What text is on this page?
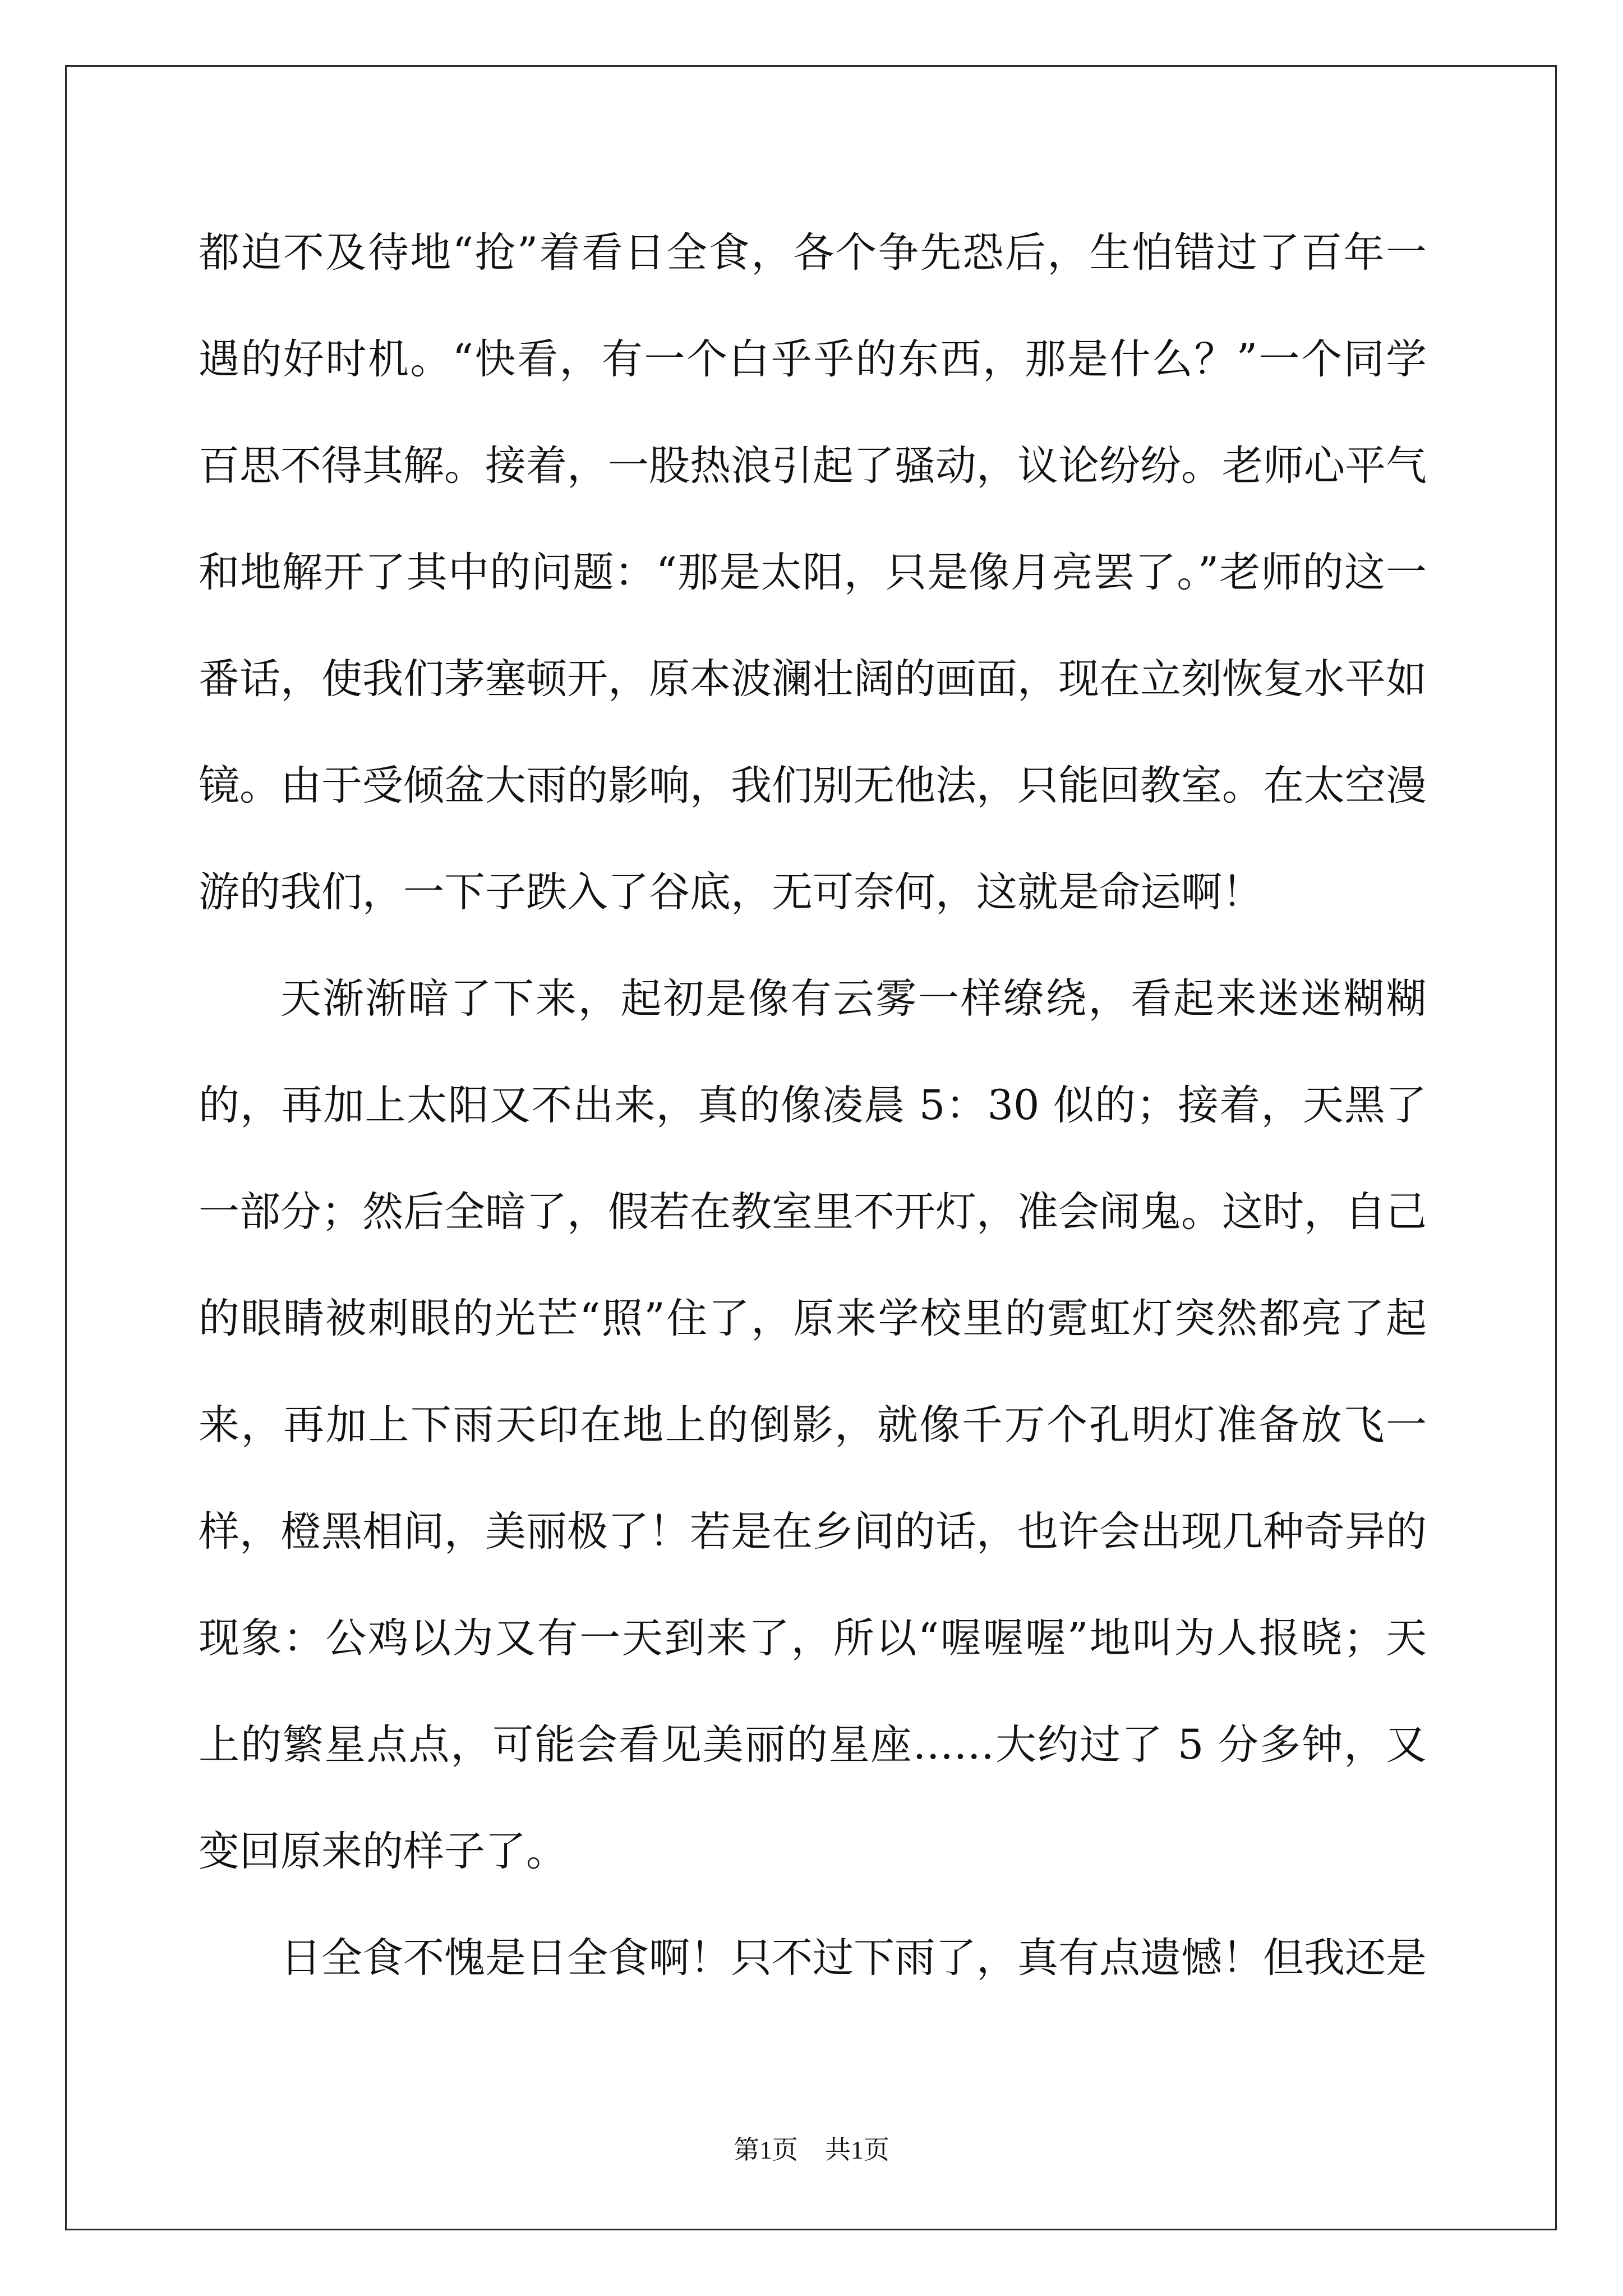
都迫不及待地“抢”着看日全食，各个争先恐后，生怕错过了百年一遇的好时机。“快看，有一个白乎乎的东西，那是什么？”一个同学百思不得其解。接着，一股热浪引起了骚动，议论纷纷。老师心平气和地解开了其中的问题：“那是太阳，只是像月亮罢了。”老师的这一番话，使我们茅塞顿开，原本波澜壮阔的画面，现在立刻恢复水平如镜。由于受倾盆大雨的影响，我们别无他法，只能回教室。在太空漫游的我们，一下子跌入了谷底，无可奈何，这就是命运啊！

天渐渐暗了下来，起初是像有云雾一样缭绕，看起来迷迷糊糊的，再加上太阳又不出来，真的像凌晨 5：30 似的；接着，天黑了一部分；然后全暗了，假若在教室里不开灯，准会闹鬼。这时，自己的眼睛被刺眼的光芒“照”住了，原来学校里的霓虹灯突然都亮了起来，再加上下雨天印在地上的倒影，就像千万个孔明灯准备放飞一样，橙黑相间，美丽极了！若是在乡间的话，也许会出现几种奇异的现象：公鸡以为又有一天到来了，所以“喔喔喔”地叫为人报晓；天上的繁星点点，可能会看见美丽的星座……大约过了 5 分多钟，又变回原来的样子了。

日全食不愧是日全食啊！只不过下雨了，真有点遗憾！但我还是

第1页 共1页
